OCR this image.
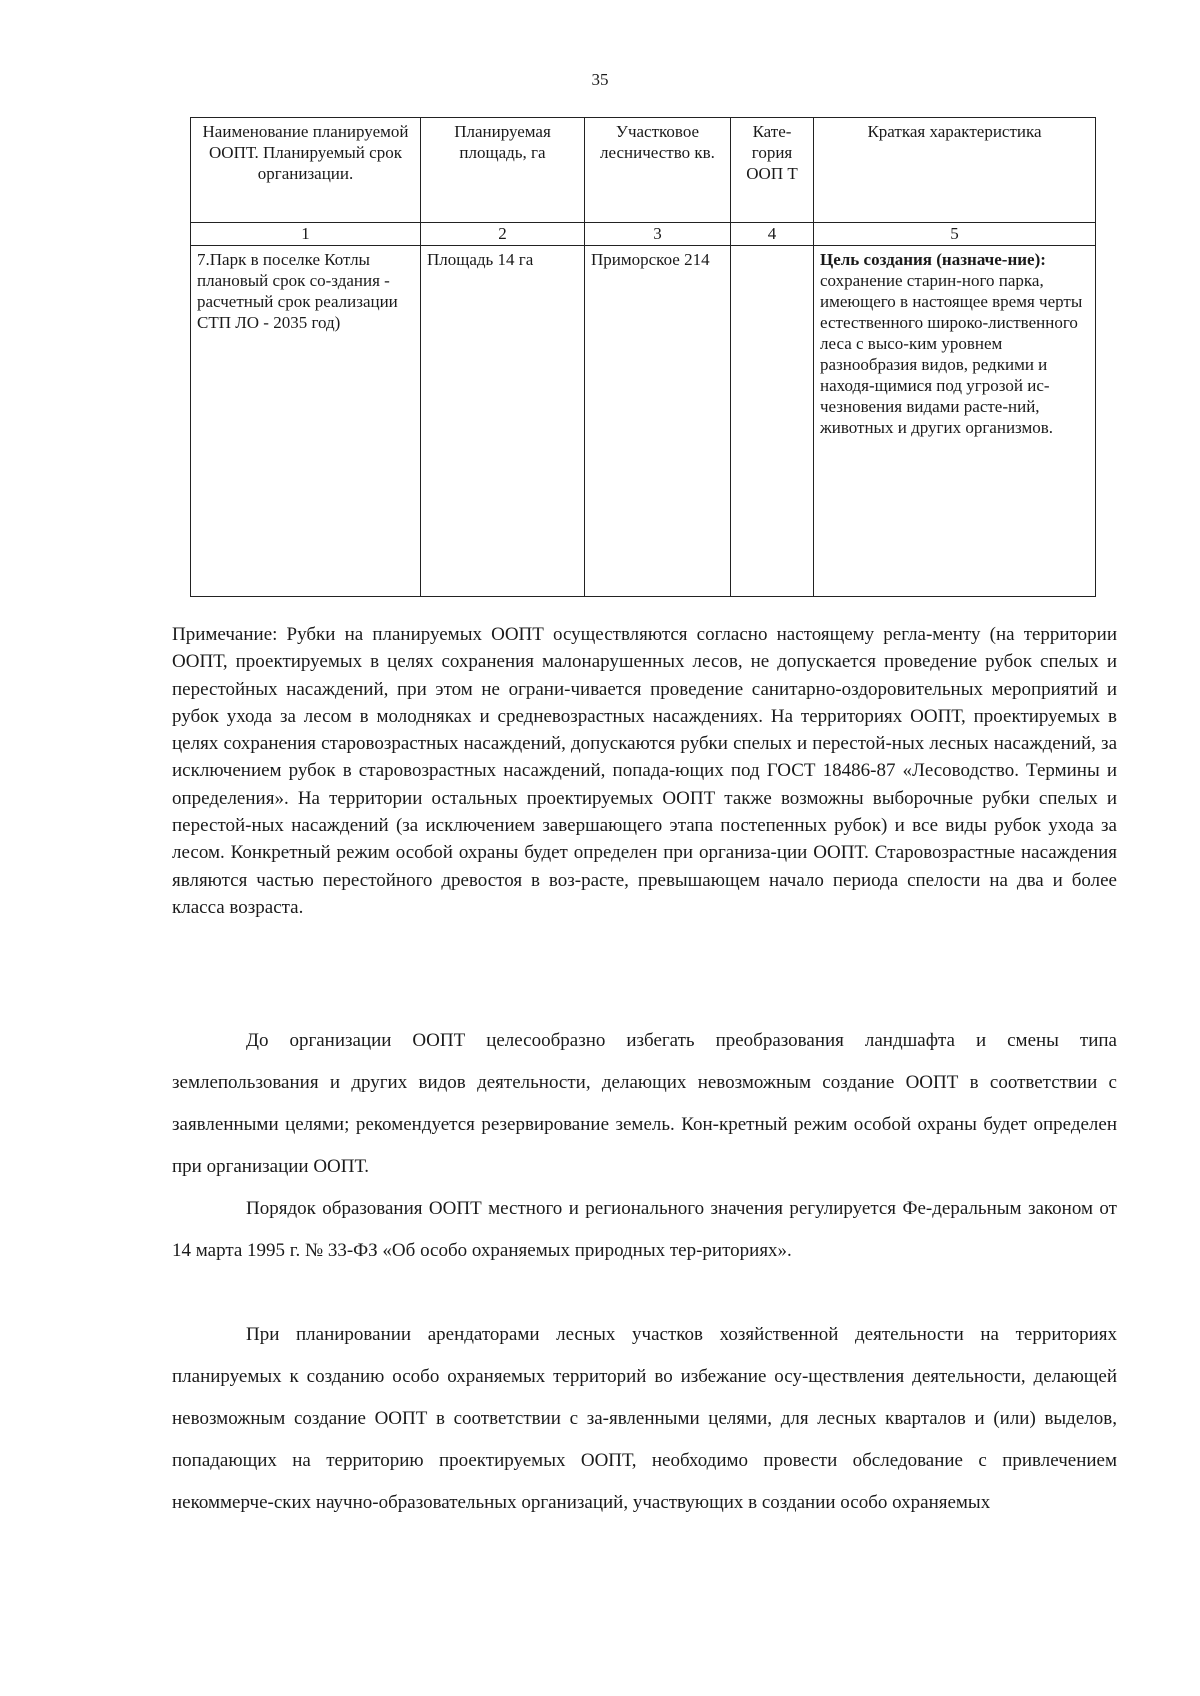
35
Наименование планируемой ООПТ. Планируемый срок организации.	Планируемая площадь, га	Участковое лесничество кв.	Кате-гория ООП Т	Краткая характеристика
1	2	3	4	5
7.Парк в поселке Котлы плановый срок со-здания - расчетный срок реализации СТП ЛО - 2035 год)	Площадь 14 га	Приморское 214		Цель создания (назначе-ние): сохранение старин-ного парка, имеющего в настоящее время черты естественного широко-лиственного леса с высо-ким уровнем разнообразия видов, редкими и находя-щимися под угрозой ис-чезновения видами расте-ний, животных и других организмов.

Примечание: Рубки на планируемых ООПТ осуществляются согласно настоящему регла-менту (на территории ООПТ, проектируемых в целях сохранения малонарушенных лесов, не допускается проведение рубок спелых и перестойных насаждений, при этом не ограни-чивается проведение санитарно-оздоровительных мероприятий и рубок ухода за лесом в молодняках и средневозрастных насаждениях. На территориях ООПТ, проектируемых в целях сохранения старовозрастных насаждений, допускаются рубки спелых и перестой-ных лесных насаждений, за исключением рубок в старовозрастных насаждений, попада-ющих под ГОСТ 18486-87 «Лесоводство. Термины и определения». На территории остальных проектируемых ООПТ также возможны выборочные рубки спелых и перестой-ных насаждений (за исключением завершающего этапа постепенных рубок) и все виды рубок ухода за лесом. Конкретный режим особой охраны будет определен при организа-ции ООПТ. Старовозрастные насаждения являются частью перестойного древостоя в воз-расте, превышающем начало периода спелости на два и более класса возраста.

До организации ООПТ целесообразно избегать преобразования ландшафта и смены типа землепользования и других видов деятельности, делающих невозможным создание ООПТ в соответствии с заявленными целями; рекомендуется резервирование земель. Кон-кретный режим особой охраны будет определен при организации ООПТ.

Порядок образования ООПТ местного и регионального значения регулируется Фе-деральным законом от 14 марта 1995 г. № 33-ФЗ «Об особо охраняемых природных тер-риториях».

При планировании арендаторами лесных участков хозяйственной деятельности на территориях планируемых к созданию особо охраняемых территорий во избежание осу-ществления деятельности, делающей невозможным создание ООПТ в соответствии с за-явленными целями, для лесных кварталов и (или) выделов, попадающих на территорию проектируемых ООПТ, необходимо провести обследование с привлечением некоммерче-ских научно-образовательных организаций, участвующих в создании особо охраняемых
